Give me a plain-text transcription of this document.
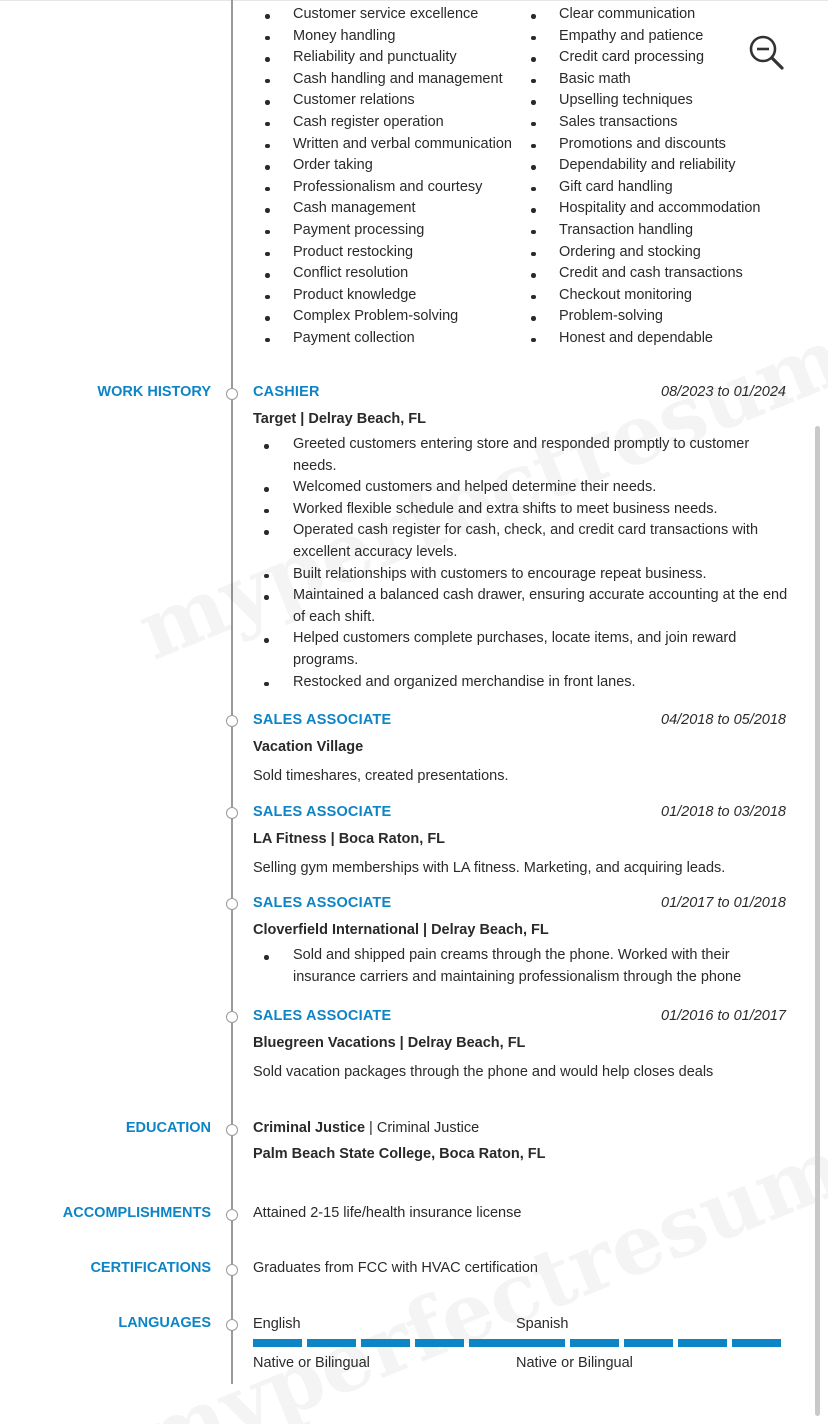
Customer service excellence
Money handling
Reliability and punctuality
Cash handling and management
Customer relations
Cash register operation
Written and verbal communication
Order taking
Professionalism and courtesy
Cash management
Payment processing
Product restocking
Conflict resolution
Product knowledge
Complex Problem-solving
Payment collection
Clear communication
Empathy and patience
Credit card processing
Basic math
Upselling techniques
Sales transactions
Promotions and discounts
Dependability and reliability
Gift card handling
Hospitality and accommodation
Transaction handling
Ordering and stocking
Credit and cash transactions
Checkout monitoring
Problem-solving
Honest and dependable
WORK HISTORY	CASHIER	08/2023 to 01/2024
Target | Delray Beach, FL
Greeted customers entering store and responded promptly to customer needs.
Welcomed customers and helped determine their needs.
Worked flexible schedule and extra shifts to meet business needs.
Operated cash register for cash, check, and credit card transactions with excellent accuracy levels.
Built relationships with customers to encourage repeat business.
Maintained a balanced cash drawer, ensuring accurate accounting at the end of each shift.
Helped customers complete purchases, locate items, and join reward programs.
Restocked and organized merchandise in front lanes.
SALES ASSOCIATE	04/2018 to 05/2018
Vacation Village
Sold timeshares, created presentations.
SALES ASSOCIATE	01/2018 to 03/2018
LA Fitness | Boca Raton, FL
Selling gym memberships with LA fitness. Marketing, and acquiring leads.
SALES ASSOCIATE	01/2017 to 01/2018
Cloverfield International | Delray Beach, FL
Sold and shipped pain creams through the phone. Worked with their insurance carriers and maintaining professionalism through the phone
SALES ASSOCIATE	01/2016 to 01/2017
Bluegreen Vacations | Delray Beach, FL
Sold vacation packages through the phone and would help closes deals
EDUCATION	Criminal Justice | Criminal Justice
Palm Beach State College, Boca Raton, FL
ACCOMPLISHMENTS	Attained 2-15 life/health insurance license
CERTIFICATIONS	Graduates from FCC with HVAC certification
LANGUAGES	English
Native or Bilingual
Spanish
Native or Bilingual
